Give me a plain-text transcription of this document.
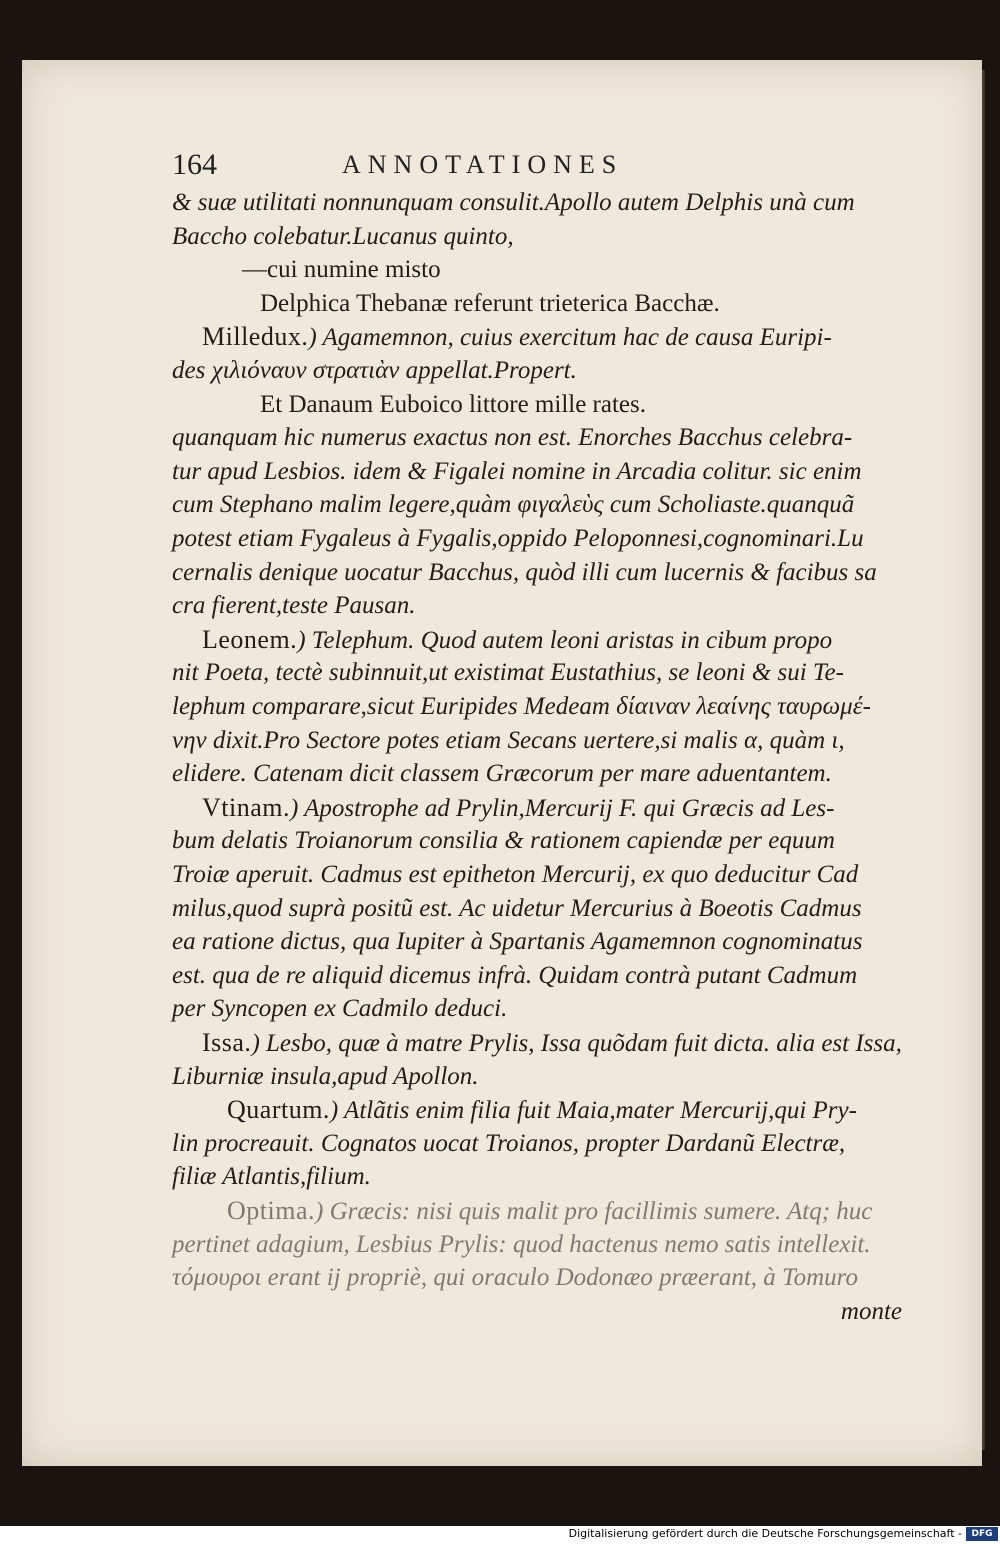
164	ANNOTATIONES
& suæ utilitati nonnunquam consulit.Apollo autem Delphis unà cum
Baccho colebatur.Lucanus quinto,
—cui numine misto
Delphica Thebanæ referunt trieterica Bacchæ.
Milledux.) Agamemnon, cuius exercitum hac de causa Euripi-
des χιλιόναυν στρατιὰν appellat.Propert.
Et Danaum Euboico littore mille rates.
quanquam hic numerus exactus non est. Enorches Bacchus celebra-
tur apud Lesbios. idem & Figalei nomine in Arcadia colitur. sic enim
cum Stephano malim legere,quàm φιγαλεὺς cum Scholiaste.quanquã
potest etiam Fygaleus à Fygalis,oppido Peloponnesi,cognominari.Lu
cernalis denique uocatur Bacchus, quòd illi cum lucernis & facibus sa
cra fierent,teste Pausan.
Leonem.) Telephum. Quod autem leoni aristas in cibum propo
nit Poeta, tectè subinnuit,ut existimat Eustathius, se leoni & sui Te-
lephum comparare,sicut Euripides Medeam δίαιναν λεαίνης ταυρωμέ-
νην dixit.Pro Sectore potes etiam Secans uertere,si malis α, quàm ι,
elidere. Catenam dicit classem Græcorum per mare aduentantem.
Vtinam.) Apostrophe ad Prylin,Mercurij F. qui Græcis ad Les-
bum delatis Troianorum consilia & rationem capiendæ per equum
Troiæ aperuit. Cadmus est epitheton Mercurij, ex quo deducitur Cad
milus,quod suprà positũ est. Ac uidetur Mercurius à Boeotis Cadmus
ea ratione dictus, qua Iupiter à Spartanis Agamemnon cognominatus
est. qua de re aliquid dicemus infrà. Quidam contrà putant Cadmum
per Syncopen ex Cadmilo deduci.
Issa.) Lesbo, quæ à matre Prylis, Issa quõdam fuit dicta. alia est Issa,
Liburniæ insula,apud Apollon.
Quartum.) Atlãtis enim filia fuit Maia,mater Mercurij,qui Pry-
lin procreauit. Cognatos uocat Troianos, propter Dardanũ Electræ,
filiæ Atlantis,filium.
Optima.) Græcis: nisi quis malit pro facillimis sumere. Atq; huc
pertinet adagium, Lesbius Prylis: quod hactenus nemo satis intellexit.
τόμουροι erant ij propriè, qui oraculo Dodonæo præerant, à Tomuro
monte
Digitalisierung gefördert durch die Deutsche Forschungsgemeinschaft -	DFG
